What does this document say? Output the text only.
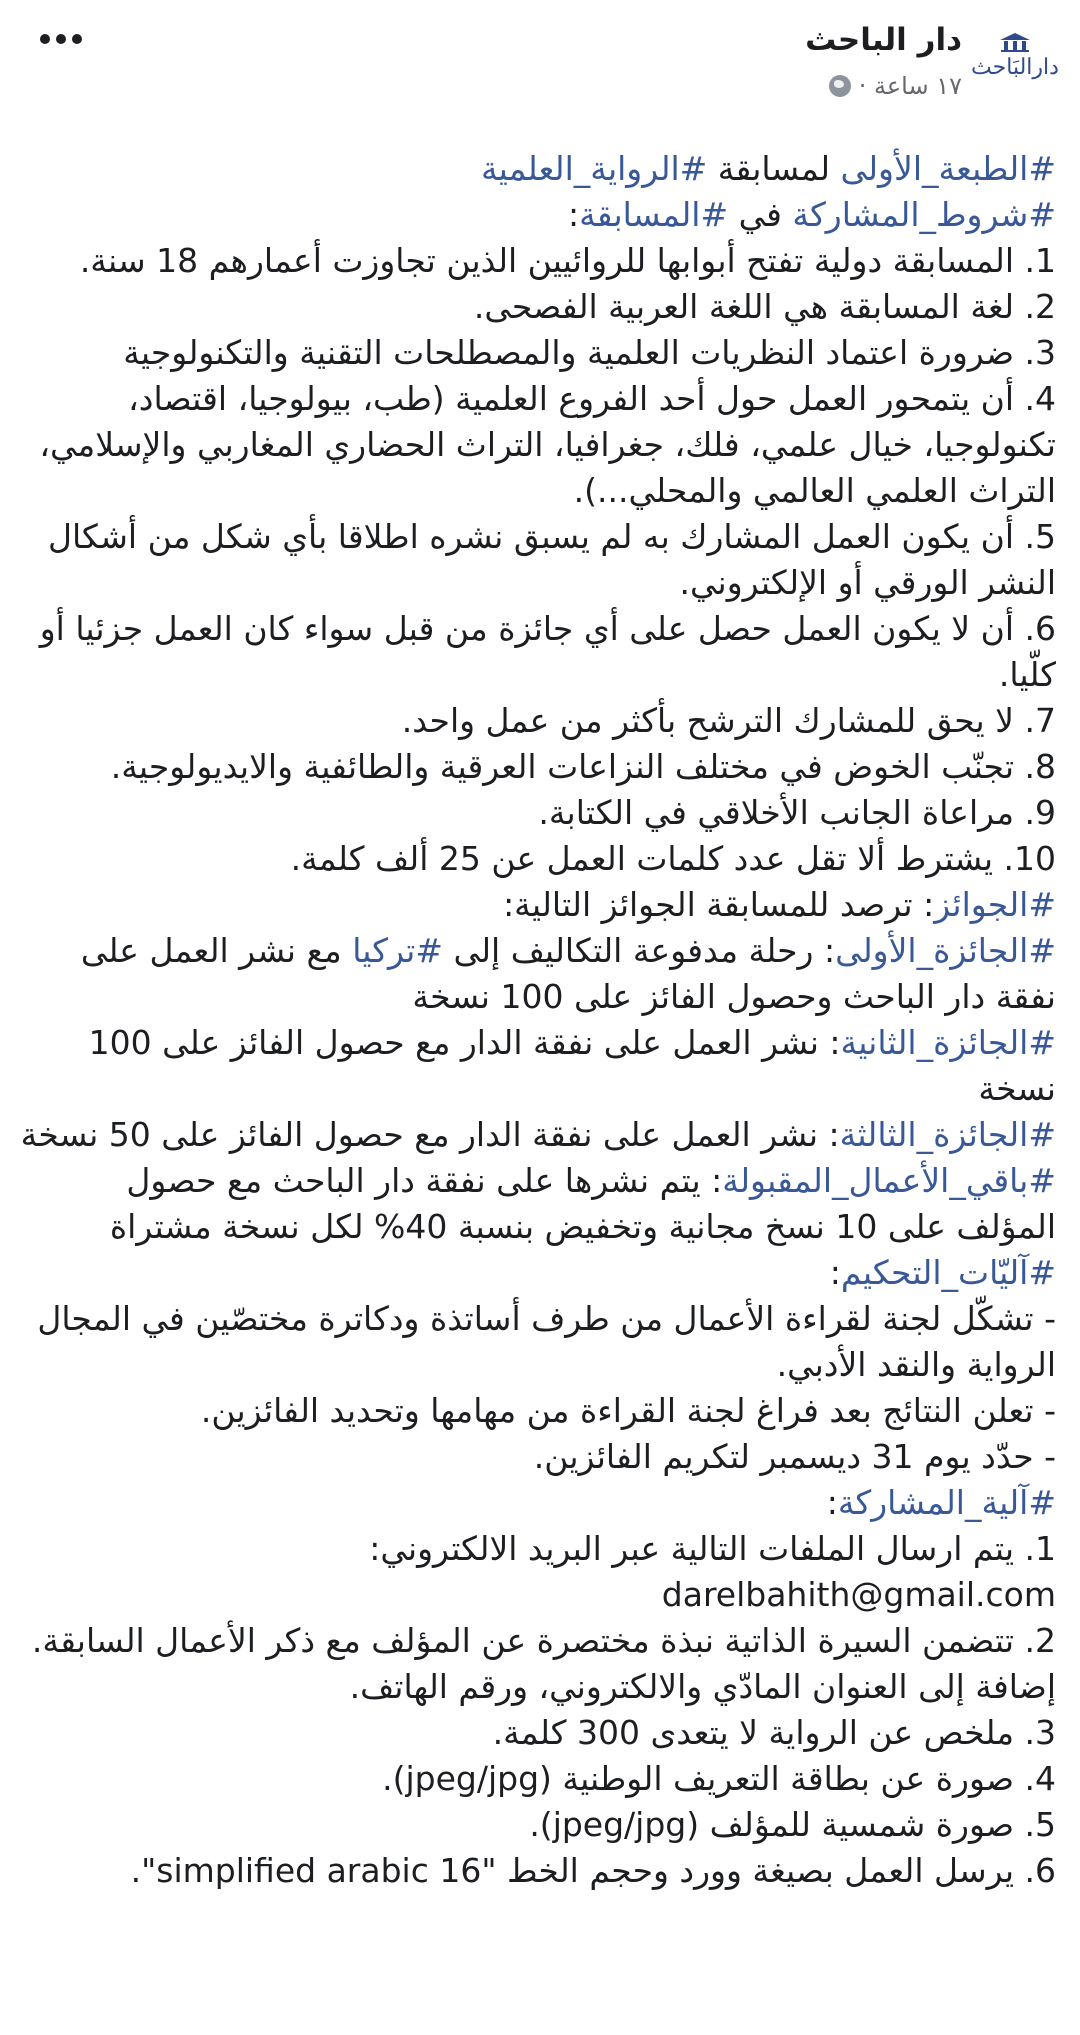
دارالبَاحث
دار الباحث
١٧ ساعة ·

#الطبعة_الأولى لمسابقة #الرواية_العلمية

#شروط_المشاركة في #المسابقة:

1. المسابقة دولية تفتح أبوابها للروائيين الذين تجاوزت أعمارهم 18 سنة.

2. لغة المسابقة هي اللغة العربية الفصحى.

3. ضرورة اعتماد النظريات العلمية والمصطلحات التقنية والتكنولوجية

4. أن يتمحور العمل حول أحد الفروع العلمية (طب، بيولوجيا، اقتصاد، تكنولوجيا، خيال علمي، فلك، جغرافيا، التراث الحضاري المغاربي والإسلامي، التراث العلمي العالمي والمحلي...).

5. أن يكون العمل المشارك به لم يسبق نشره اطلاقا بأي شكل من أشكال النشر الورقي أو الإلكتروني.

6. أن لا يكون العمل حصل على أي جائزة من قبل سواء كان العمل جزئيا أو كلّيا.

7. لا يحق للمشارك الترشح بأكثر من عمل واحد.

8. تجنّب الخوض في مختلف النزاعات العرقية والطائفية والايديولوجية.

9. مراعاة الجانب الأخلاقي في الكتابة.

10. يشترط ألا تقل عدد كلمات العمل عن 25 ألف كلمة.

#الجوائز: ترصد للمسابقة الجوائز التالية:

#الجائزة_الأولى: رحلة مدفوعة التكاليف إلى #تركيا مع نشر العمل على نفقة دار الباحث وحصول الفائز على 100 نسخة

#الجائزة_الثانية: نشر العمل على نفقة الدار مع حصول الفائز على 100 نسخة

#الجائزة_الثالثة: نشر العمل على نفقة الدار مع حصول الفائز على 50 نسخة

#باقي_الأعمال_المقبولة: يتم نشرها على نفقة دار الباحث مع حصول المؤلف على 10 نسخ مجانية وتخفيض بنسبة 40% لكل نسخة مشتراة

#آليّات_التحكيم:

- تشكّل لجنة لقراءة الأعمال من طرف أساتذة ودكاترة مختصّين في المجال الرواية والنقد الأدبي.

- تعلن النتائج بعد فراغ لجنة القراءة من مهامها وتحديد الفائزين.

- حدّد يوم 31 ديسمبر لتكريم الفائزين.

#آلية_المشاركة:

1. يتم ارسال الملفات التالية عبر البريد الالكتروني:

darelbahith@gmail.com

2. تتضمن السيرة الذاتية نبذة مختصرة عن المؤلف مع ذكر الأعمال السابقة. إضافة إلى العنوان المادّي والالكتروني، ورقم الهاتف.

3. ملخص عن الرواية لا يتعدى 300 كلمة.

4. صورة عن بطاقة التعريف الوطنية (jpeg/jpg).

5. صورة شمسية للمؤلف (jpeg/jpg).

6. يرسل العمل بصيغة وورد وحجم الخط "simplified arabic 16".
